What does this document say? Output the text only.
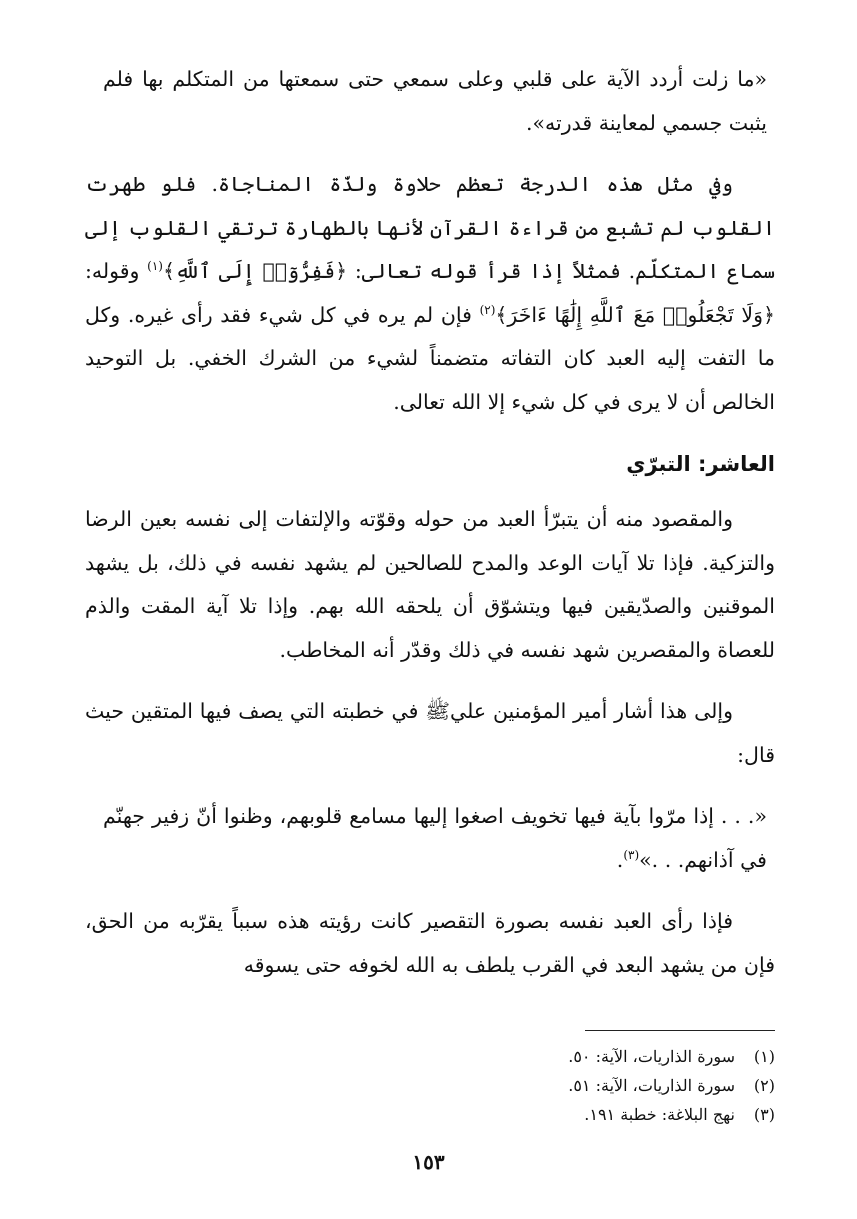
«ما زلت أردد الآية على قلبي وعلى سمعي حتى سمعتها من المتكلم بها فلم يثبت جسمي لمعاينة قدرته».

وفي مثل هذه الدرجة تعظم حلاوة ولذّة المناجاة. فلو طهرت القلوب لم تشبع من قراءة القرآن لأنها بالطهارة ترتقي القلوب إلى سماع المتكلّم. فمثلاً إذا قرأ قوله تعالى: ﴿فَفِرُّوٓا۟ إِلَى ٱللَّهِ﴾$^{(١)}$ وقوله: ﴿وَلَا تَجْعَلُوا۟ مَعَ ٱللَّهِ إِلَٰهًا ءَاخَرَ﴾$^{(٢)}$ فإن لم يره في كل شيء فقد رأى غيره. وكل ما التفت إليه العبد كان التفاته متضمناً لشيء من الشرك الخفي. بل التوحيد الخالص أن لا يرى في كل شيء إلا الله تعالى.

العاشر: التبرّي

والمقصود منه أن يتبرّأ العبد من حوله وقوّته والإلتفات إلى نفسه بعين الرضا والتزكية. فإذا تلا آيات الوعد والمدح للصالحين لم يشهد نفسه في ذلك، بل يشهد الموقنين والصدّيقين فيها ويتشوّق أن يلحقه الله بهم. وإذا تلا آية المقت والذم للعصاة والمقصرين شهد نفسه في ذلك وقدّر أنه المخاطب.

وإلى هذا أشار أمير المؤمنين عليﷺ في خطبته التي يصف فيها المتقين حيث قال:

«. . . إذا مرّوا بآية فيها تخويف اصغوا إليها مسامع قلوبهم، وظنوا أنّ زفير جهنّم في آذانهم. . .»$^{(٣)}$.

فإذا رأى العبد نفسه بصورة التقصير كانت رؤيته هذه سبباً يقرّبه من الحق، فإن من يشهد البعد في القرب يلطف به الله لخوفه حتى يسوقه

(١)سورة الذاريات، الآية: ٥٠.
(٢)سورة الذاريات، الآية: ٥١.
(٣)نهج البلاغة: خطبة ١٩١.
١٥٣
